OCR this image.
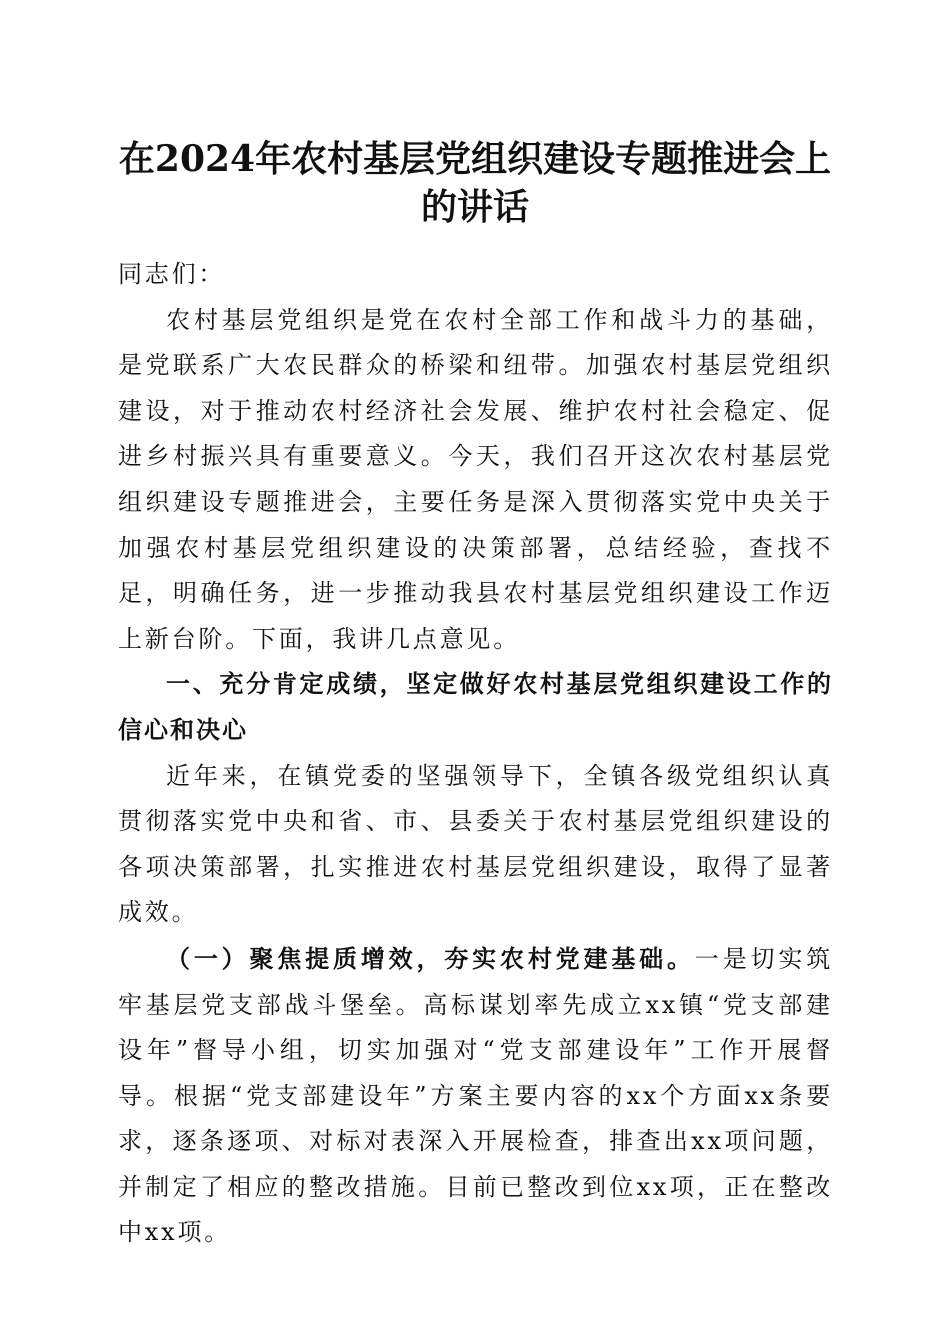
在2024年农村基层党组织建设专题推进会上
的讲话

同志们：

农村基层党组织是党在农村全部工作和战斗力的基础，是党联系广大农民群众的桥梁和纽带。加强农村基层党组织建设，对于推动农村经济社会发展、维护农村社会稳定、促进乡村振兴具有重要意义。今天，我们召开这次农村基层党组织建设专题推进会，主要任务是深入贯彻落实党中央关于加强农村基层党组织建设的决策部署，总结经验，查找不足，明确任务，进一步推动我县农村基层党组织建设工作迈上新台阶。下面，我讲几点意见。

一、充分肯定成绩，坚定做好农村基层党组织建设工作的信心和决心

近年来，在镇党委的坚强领导下，全镇各级党组织认真贯彻落实党中央和省、市、县委关于农村基层党组织建设的各项决策部署，扎实推进农村基层党组织建设，取得了显著成效。

（一）聚焦提质增效，夯实农村党建基础。一是切实筑牢基层党支部战斗堡垒。高标谋划率先成立xx镇“党支部建设年”督导小组，切实加强对“党支部建设年”工作开展督导。根据“党支部建设年”方案主要内容的xx个方面xx条要求，逐条逐项、对标对表深入开展检查，排查出xx项问题，并制定了相应的整改措施。目前已整改到位xx项，正在整改中xx项。
